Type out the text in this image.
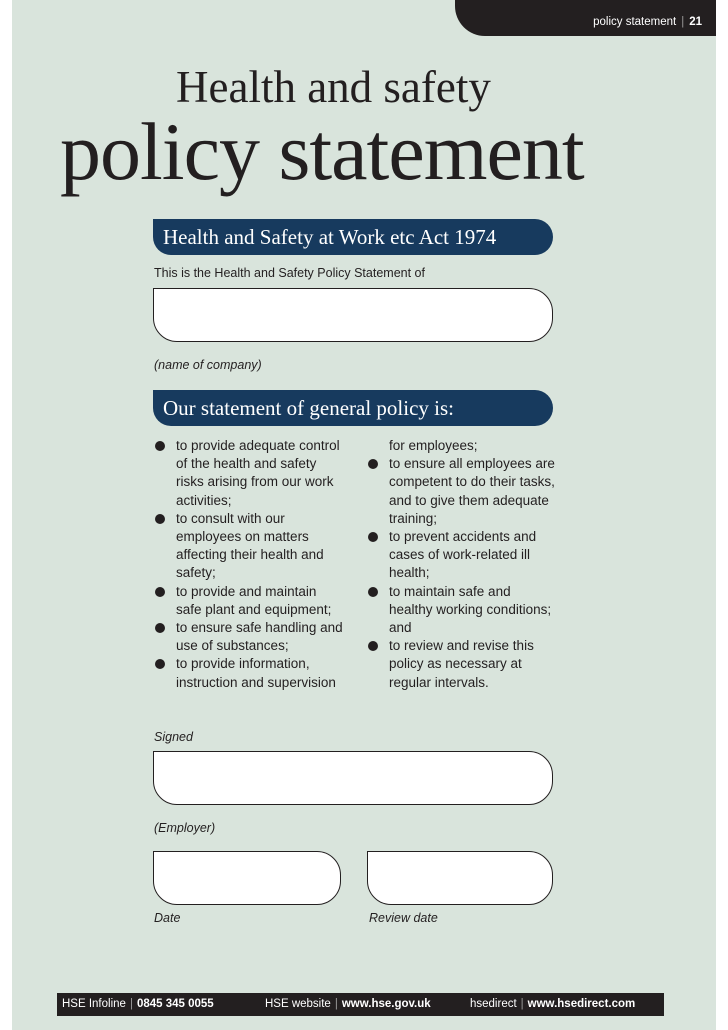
policy statement | 21
Health and safety
policy statement
Health and Safety at Work etc Act 1974
This is the Health and Safety Policy Statement of
(name of company)
Our statement of general policy is:
to provide adequate control of the health and safety risks arising from our work activities;
to consult with our employees on matters affecting their health and safety;
to provide and maintain safe plant and equipment;
to ensure safe handling and use of substances;
to provide information, instruction and supervision
for employees;
to ensure all employees are competent to do their tasks, and to give them adequate training;
to prevent accidents and cases of work-related ill health;
to maintain safe and healthy working conditions; and
to review and revise this policy as necessary at regular intervals.
Signed
(Employer)
Date	Review date
HSE Infoline | 0845 345 0055	HSE website | www.hse.gov.uk	hsedirect | www.hsedirect.com
